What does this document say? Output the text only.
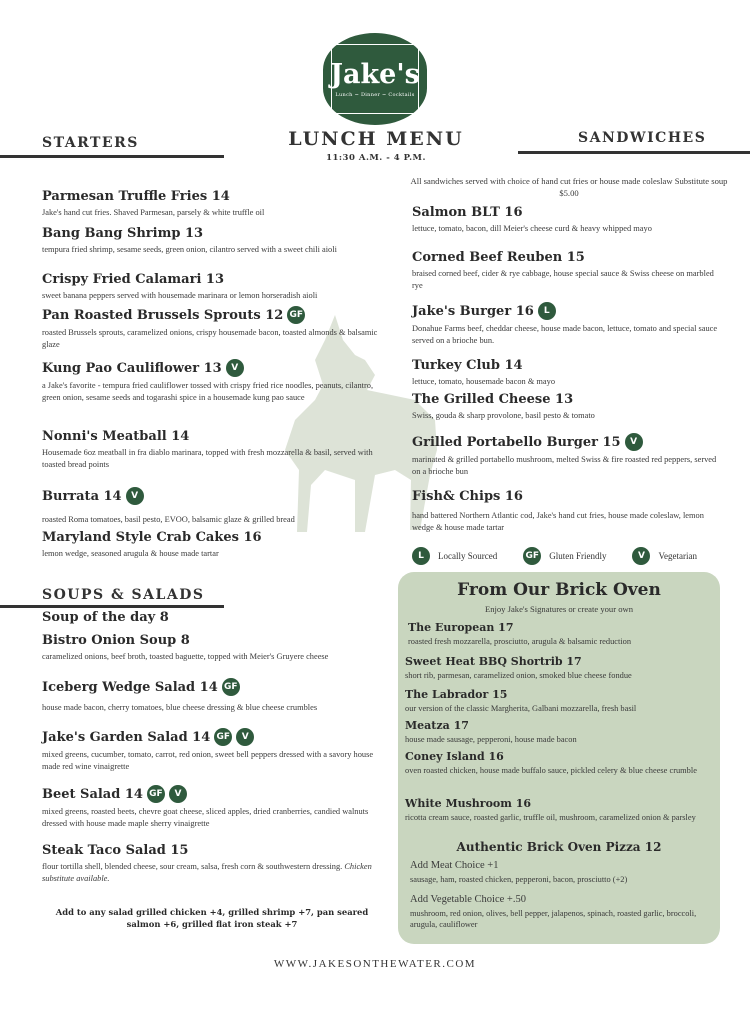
Jake's
Lunch ~ Dinner ~ Cocktails
STARTERS	LUNCH MENU
11:30 A.M. - 4 P.M.
SANDWICHES
Parmesan Truffle Fries 14
Jake's hand cut fries. Shaved Parmesan, parsely & white truffle oil
Bang Bang Shrimp 13
tempura fried shrimp, sesame seeds, green onion, cilantro served with a sweet chili aioli
Crispy Fried Calamari 13
sweet banana peppers served with housemade marinara or lemon horseradish aioli
Pan Roasted Brussels Sprouts 12 GF
roasted Brussels sprouts, caramelized onions, crispy housemade bacon, toasted almonds & balsamic glaze
Kung Pao Cauliflower 13	V
a Jake's favorite - tempura fried cauliflower tossed with crispy fried rice noodles, peanuts, cilantro, green onion, sesame seeds and togarashi spice in a housemade kung pao sauce
Nonni's Meatball 14
Housemade 6oz meatball in fra diablo marinara, topped with fresh mozzarella & basil, served with toasted bread points
Burrata 14	V
roasted Roma tomatoes, basil pesto, EVOO, balsamic glaze & grilled bread
Maryland Style Crab Cakes 16
lemon wedge, seasoned arugula & house made tartar
SOUPS & SALADS
Soup of the day 8
Bistro Onion Soup 8
caramelized onions, beef broth, toasted baguette, topped with Meier's Gruyere cheese
Iceberg Wedge Salad 14 GF
house made bacon, cherry tomatoes, blue cheese dressing & blue cheese crumbles
Jake's Garden Salad 14 GF	V
mixed greens, cucumber, tomato, carrot, red onion, sweet bell peppers dressed with a savory house made red wine vinaigrette
Beet Salad 14 GF	V
mixed greens, roasted beets, chevre goat cheese, sliced apples, dried cranberries, candied walnuts dressed with house made maple sherry vinaigrette
Steak Taco Salad 15
flour tortilla shell, blended cheese, sour cream, salsa, fresh corn & southwestern dressing. Chicken substitute available.
Add to any salad grilled chicken +4, grilled shrimp +7, pan seared salmon +6, grilled flat iron steak +7
All sandwiches served with choice of hand cut fries or house made coleslaw Substitute soup $5.00
Salmon BLT 16
lettuce, tomato, bacon, dill Meier's cheese curd & heavy whipped mayo
Corned Beef Reuben 15
braised corned beef, cider & rye cabbage, house special sauce & Swiss cheese on marbled rye
Jake's Burger 16	L
Donahue Farms beef, cheddar cheese, house made bacon, lettuce, tomato and special sauce served on a brioche bun.
Turkey Club 14
lettuce, tomato, housemade bacon & mayo
The Grilled Cheese 13
Swiss, gouda & sharp provolone, basil pesto & tomato
Grilled Portabello Burger 15	V
marinated & grilled portabello mushroom, melted Swiss & fire roasted red peppers, served on a brioche bun
Fish& Chips 16
hand battered Northern Atlantic cod, Jake's hand cut fries, house made coleslaw, lemon wedge & house made tartar
L	Locally Sourced	GF Gluten Friendly	V	Vegetarian
From Our Brick Oven
Enjoy Jake's Signatures or create your own
The European 17
roasted fresh mozzarella, prosciutto, arugula & balsamic reduction
Sweet Heat BBQ Shortrib 17
short rib, parmesan, caramelized onion, smoked blue cheese fondue
The Labrador 15
our version of the classic Margherita, Galbani mozzarella, fresh basil
Meatza 17
house made sausage, pepperoni, house made bacon
Coney Island 16
oven roasted chicken, house made buffalo sauce, pickled celery & blue cheese crumble
White Mushroom 16
ricotta cream sauce, roasted garlic, truffle oil, mushroom, caramelized onion & parsley
Authentic Brick Oven Pizza 12
Add Meat Choice +1
sausage, ham, roasted chicken, pepperoni, bacon, prosciutto (+2)
Add Vegetable Choice +.50
mushroom, red onion, olives, bell pepper, jalapenos, spinach, roasted garlic, broccoli, arugula, cauliflower
WWW.JAKESONTHEWATER.COM
